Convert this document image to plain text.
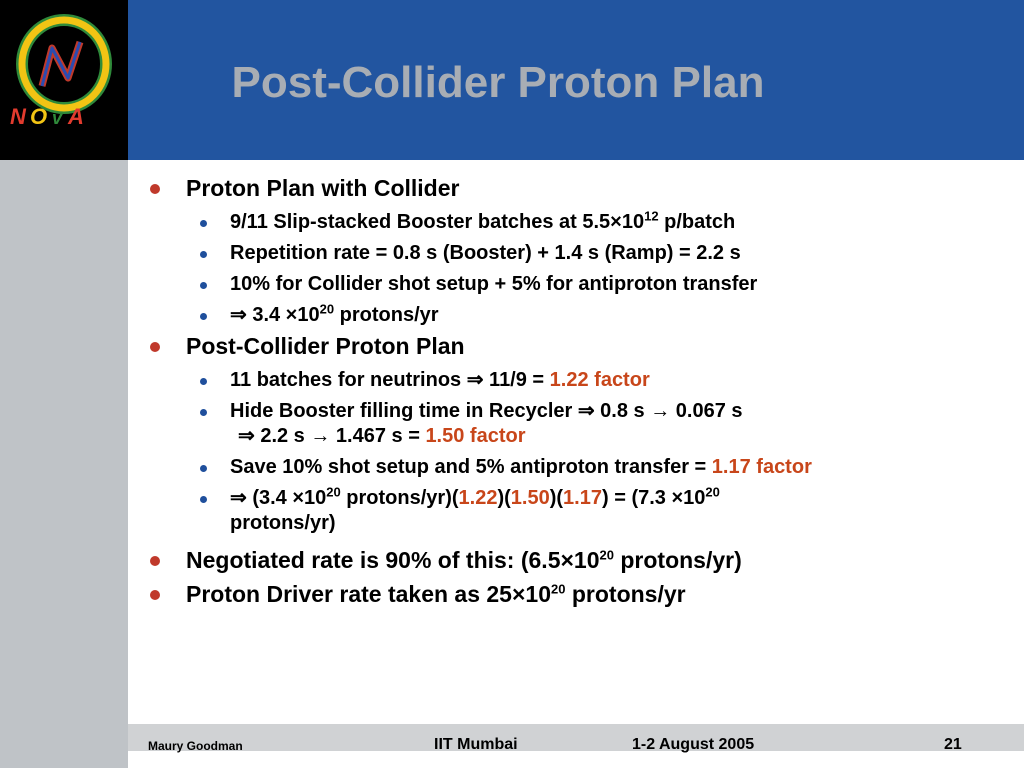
N O v A
Post-Collider Proton Plan
Proton Plan with Collider
9/11 Slip-stacked Booster batches at $5.5\times 10^{12}$ p/batch
Repetition rate = 0.8 s (Booster) + 1.4 s (Ramp) = 2.2 s
10% for Collider shot setup + 5% for antiproton transfer
⇒ $3.4 \times 10^{20}$ protons/yr
Post-Collider Proton Plan
11 batches for neutrinos ⇒ 11/9 = 1.22 factor
Hide Booster filling time in Recycler ⇒ 0.8 s → 0.067 s
⇒ 2.2 s → 1.467 s = 1.50 factor
Save 10% shot setup and 5% antiproton transfer = 1.17 factor
⇒ ($3.4 \times 10^{20}$ protons/yr)(1.22)(1.50)(1.17) = ($7.3 \times 10^{20}$
protons/yr)
Negotiated rate is 90% of this: ($6.5\times 10^{20}$ protons/yr)
Proton Driver rate taken as $25\times 10^{20}$ protons/yr
Maury Goodman	IIT Mumbai	1-2 August 2005	21
